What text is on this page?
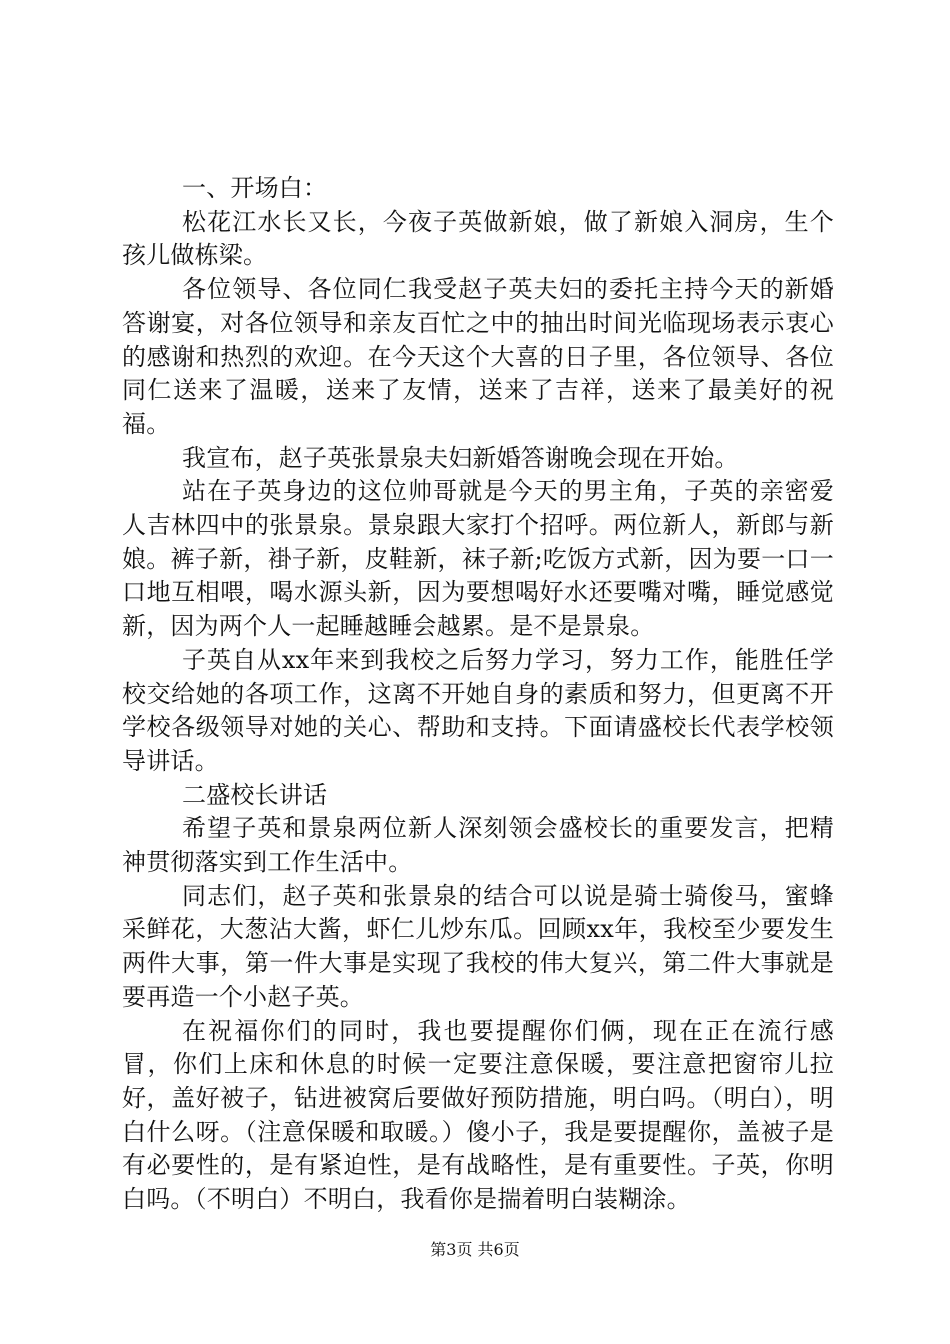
一、开场白：

松花江水长又长，今夜子英做新娘，做了新娘入洞房，生个孩儿做栋梁。

各位领导、各位同仁我受赵子英夫妇的委托主持今天的新婚答谢宴，对各位领导和亲友百忙之中的抽出时间光临现场表示衷心的感谢和热烈的欢迎。在今天这个大喜的日子里，各位领导、各位同仁送来了温暖，送来了友情，送来了吉祥，送来了最美好的祝福。

我宣布，赵子英张景泉夫妇新婚答谢晚会现在开始。

站在子英身边的这位帅哥就是今天的男主角，子英的亲密爱人吉林四中的张景泉。景泉跟大家打个招呼。两位新人，新郎与新娘。裤子新，褂子新，皮鞋新，袜子新;吃饭方式新，因为要一口一口地互相喂，喝水源头新，因为要想喝好水还要嘴对嘴，睡觉感觉新，因为两个人一起睡越睡会越累。是不是景泉。

子英自从xx年来到我校之后努力学习，努力工作，能胜任学校交给她的各项工作，这离不开她自身的素质和努力，但更离不开学校各级领导对她的关心、帮助和支持。下面请盛校长代表学校领导讲话。

二盛校长讲话

希望子英和景泉两位新人深刻领会盛校长的重要发言，把精神贯彻落实到工作生活中。

同志们，赵子英和张景泉的结合可以说是骑士骑俊马，蜜蜂采鲜花，大葱沾大酱，虾仁儿炒东瓜。回顾xx年，我校至少要发生两件大事，第一件大事是实现了我校的伟大复兴，第二件大事就是要再造一个小赵子英。

在祝福你们的同时，我也要提醒你们俩，现在正在流行感冒，你们上床和休息的时候一定要注意保暖，要注意把窗帘儿拉好，盖好被子，钻进被窝后要做好预防措施，明白吗。（明白），明白什么呀。（注意保暖和取暖。）傻小子，我是要提醒你，盖被子是有必要性的，是有紧迫性，是有战略性，是有重要性。子英，你明白吗。（不明白）不明白，我看你是揣着明白装糊涂。

第3页 共6页
